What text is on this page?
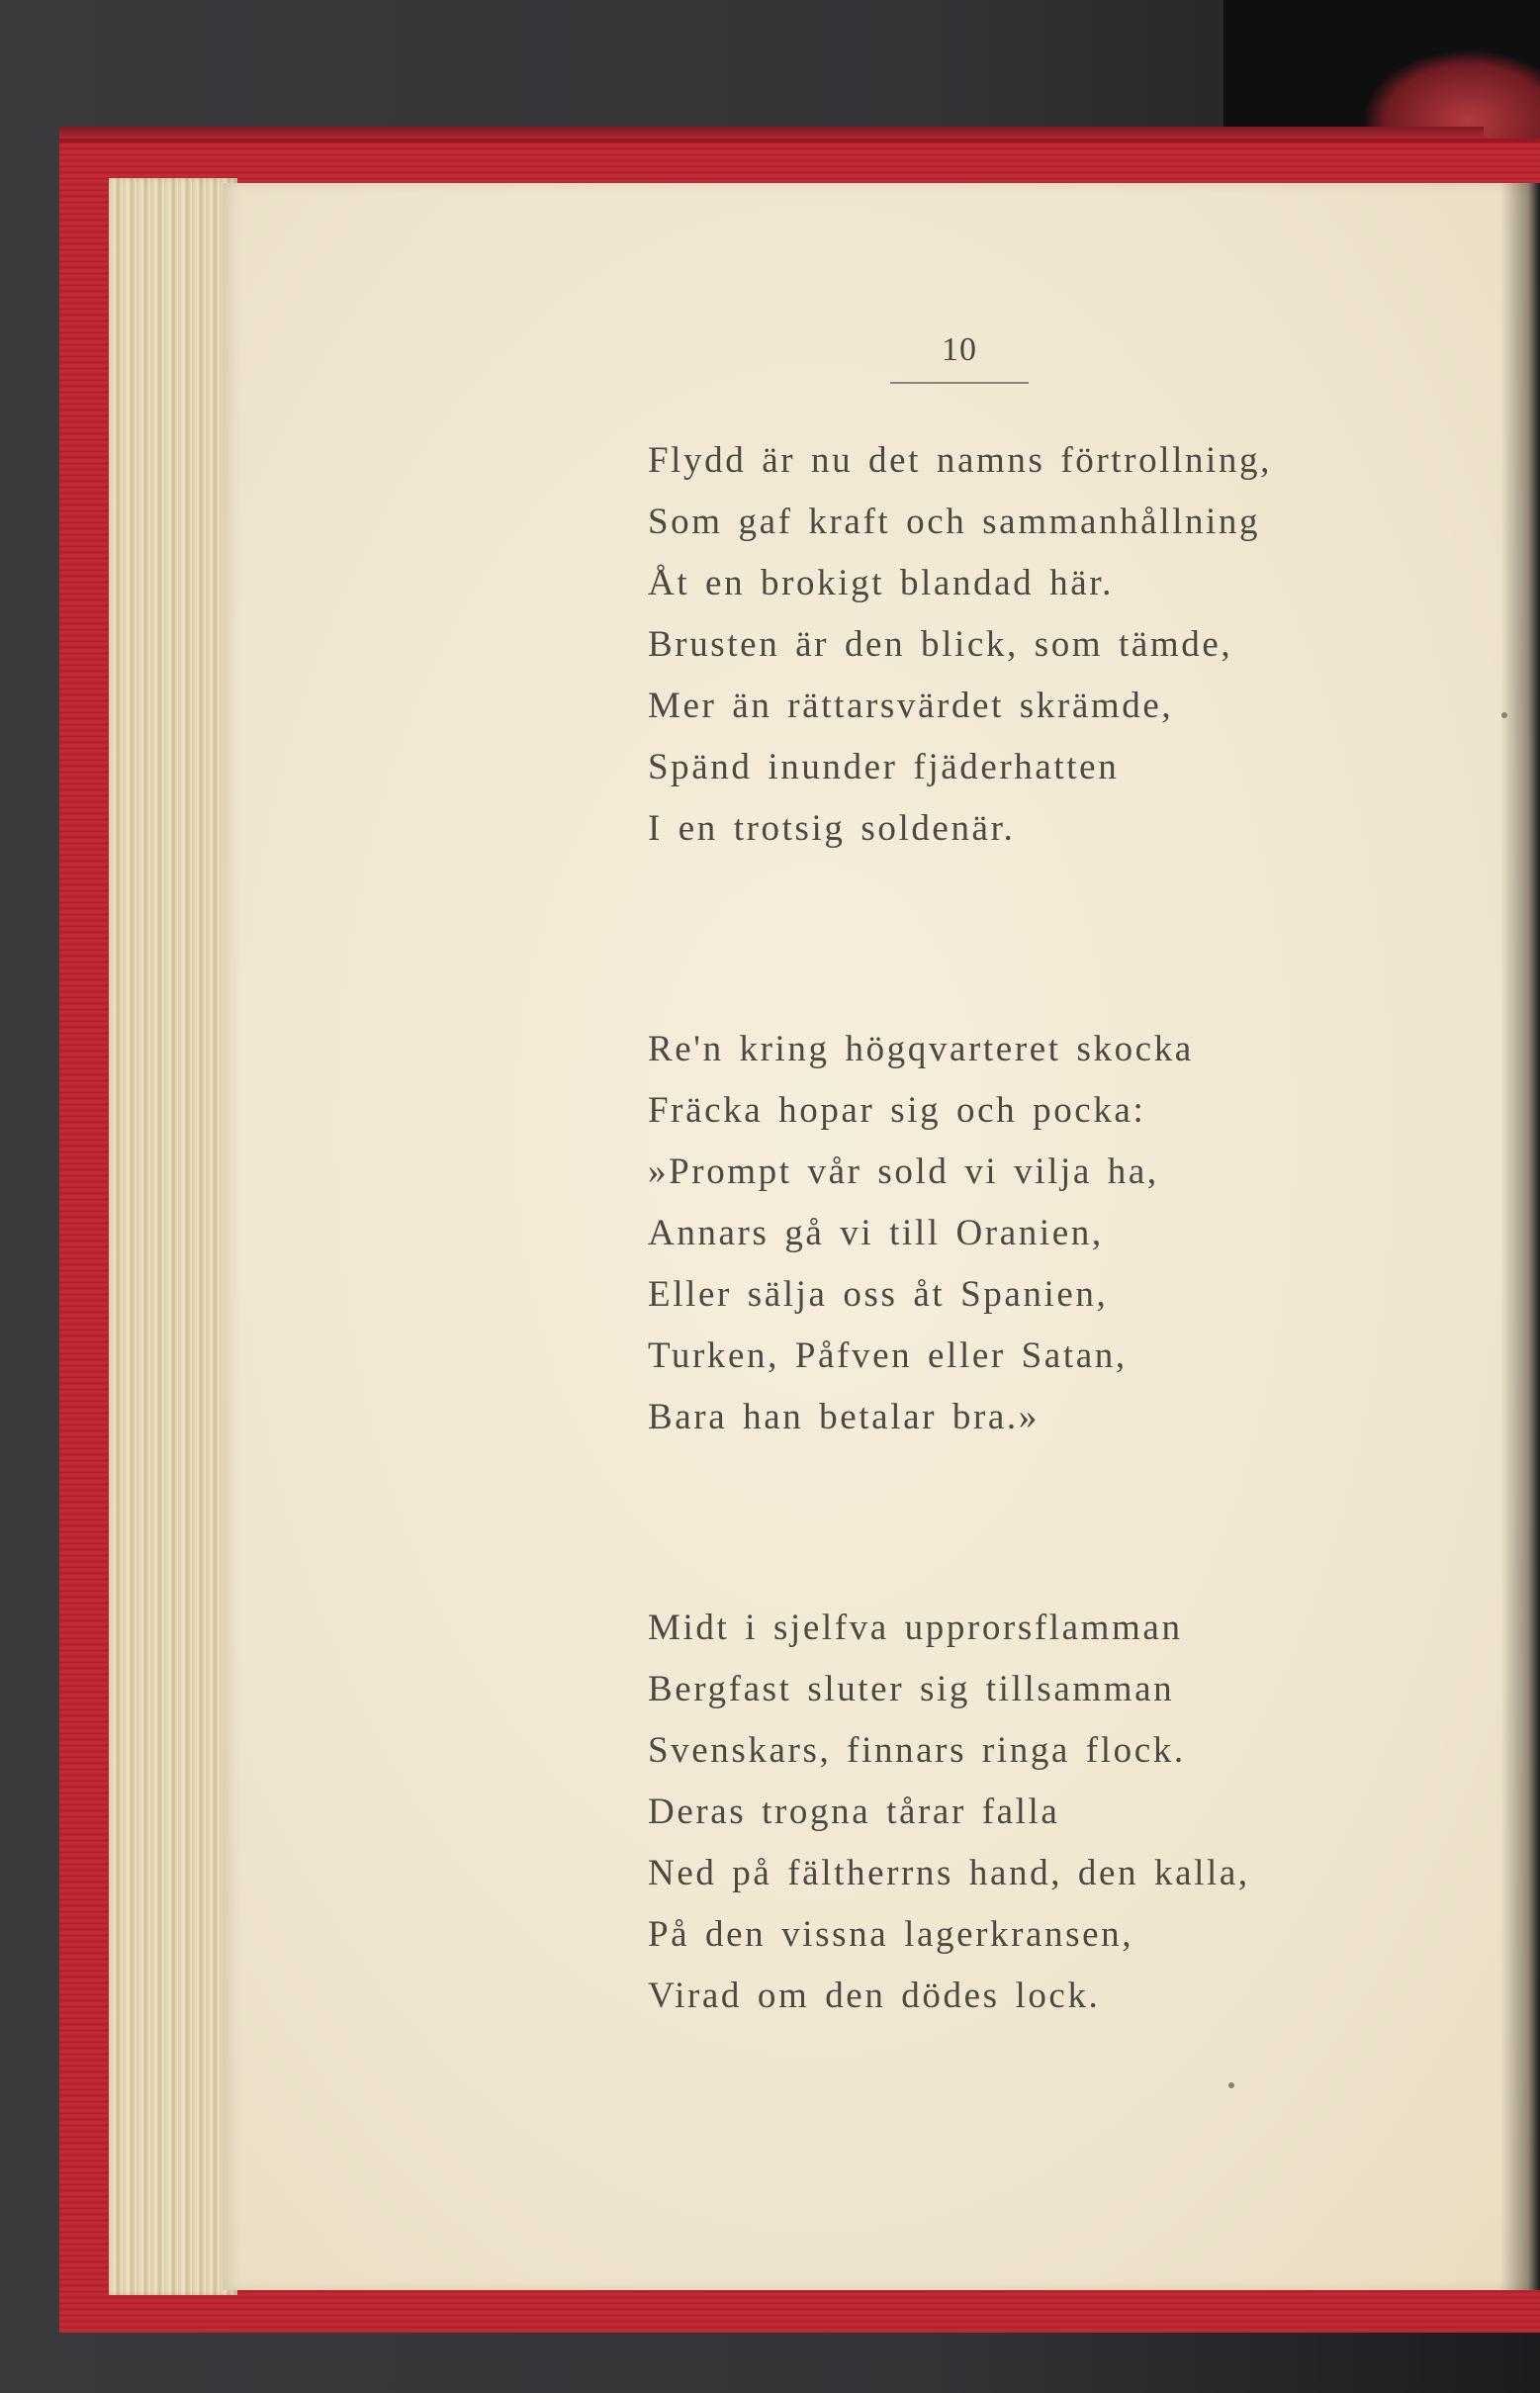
10
Flydd är nu det namns förtrollning,
Som gaf kraft och sammanhållning
Åt en brokigt blandad här.
Brusten är den blick, som tämde,
Mer än rättarsvärdet skrämde,
Spänd inunder fjäderhatten
I en trotsig soldenär.
Re'n kring högqvarteret skocka
Fräcka hopar sig och pocka:
»Prompt vår sold vi vilja ha,
Annars gå vi till Oranien,
Eller sälja oss åt Spanien,
Turken, Påfven eller Satan,
Bara han betalar bra.»
Midt i sjelfva upprorsflamman
Bergfast sluter sig tillsamman
Svenskars, finnars ringa flock.
Deras trogna tårar falla
Ned på fältherrns hand, den kalla,
På den vissna lagerkransen,
Virad om den dödes lock.
